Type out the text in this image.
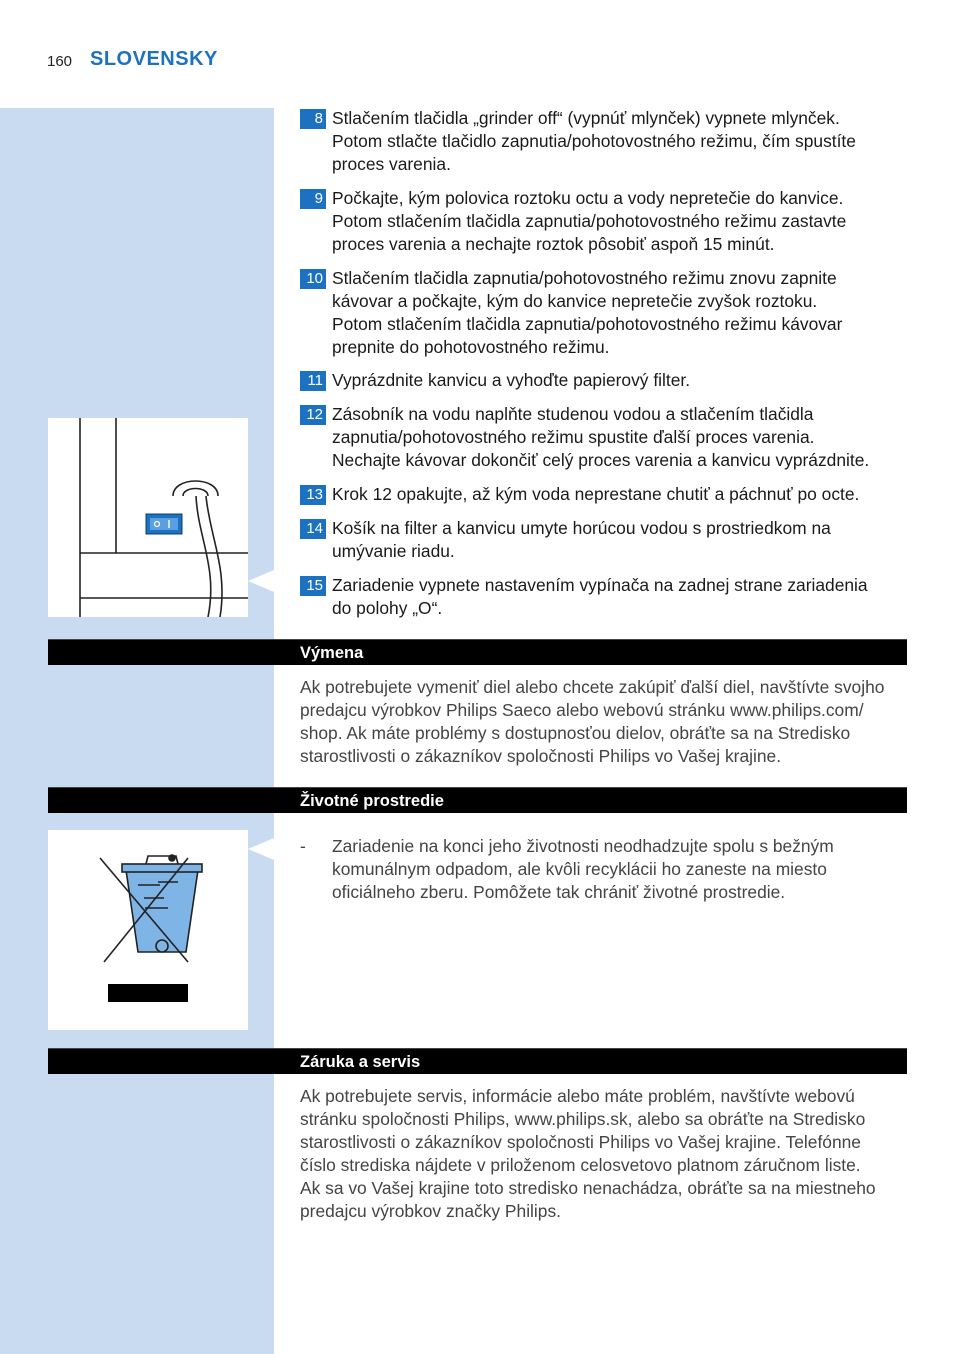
160 SLOVENSKY
8 Stlačením tlačidla „grinder off“ (vypnúť mlynček) vypnete mlynček.
Potom stlačte tlačidlo zapnutia/pohotovostného režimu, čím spustíte
proces varenia.
9 Počkajte, kým polovica roztoku octu a vody nepretečie do kanvice.
Potom stlačením tlačidla zapnutia/pohotovostného režimu zastavte
proces varenia a nechajte roztok pôsobiť aspoň 15 minút.
10 Stlačením tlačidla zapnutia/pohotovostného režimu znovu zapnite
kávovar a počkajte, kým do kanvice nepretečie zvyšok roztoku.
Potom stlačením tlačidla zapnutia/pohotovostného režimu kávovar
prepnite do pohotovostného režimu.
11 Vyprázdnite kanvicu a vyhoďte papierový filter.
12 Zásobník na vodu naplňte studenou vodou a stlačením tlačidla
zapnutia/pohotovostného režimu spustite ďalší proces varenia.
Nechajte kávovar dokončiť celý proces varenia a kanvicu vyprázdnite.
13 Krok 12 opakujte, až kým voda neprestane chutiť a páchnuť po octe.
14 Košík na filter a kanvicu umyte horúcou vodou s prostriedkom na
umývanie riadu.
15 Zariadenie vypnete nastavením vypínača na zadnej strane zariadenia
do polohy „O“.
Výmena
Ak potrebujete vymeniť diel alebo chcete zakúpiť ďalší diel, navštívte svojho
predajcu výrobkov Philips Saeco alebo webovú stránku www.philips.com/
shop. Ak máte problémy s dostupnosťou dielov, obráťte sa na Stredisko
starostlivosti o zákazníkov spoločnosti Philips vo Vašej krajine.
Životné prostredie
- Zariadenie na konci jeho životnosti neodhadzujte spolu s bežným
komunálnym odpadom, ale kvôli recyklácii ho zaneste na miesto
oficiálneho zberu. Pomôžete tak chrániť životné prostredie.
Záruka a servis
Ak potrebujete servis, informácie alebo máte problém, navštívte webovú
stránku spoločnosti Philips, www.philips.sk, alebo sa obráťte na Stredisko
starostlivosti o zákazníkov spoločnosti Philips vo Vašej krajine. Telefónne
číslo strediska nájdete v priloženom celosvetovo platnom záručnom liste.
Ak sa vo Vašej krajine toto stredisko nenachádza, obráťte sa na miestneho
predajcu výrobkov značky Philips.
